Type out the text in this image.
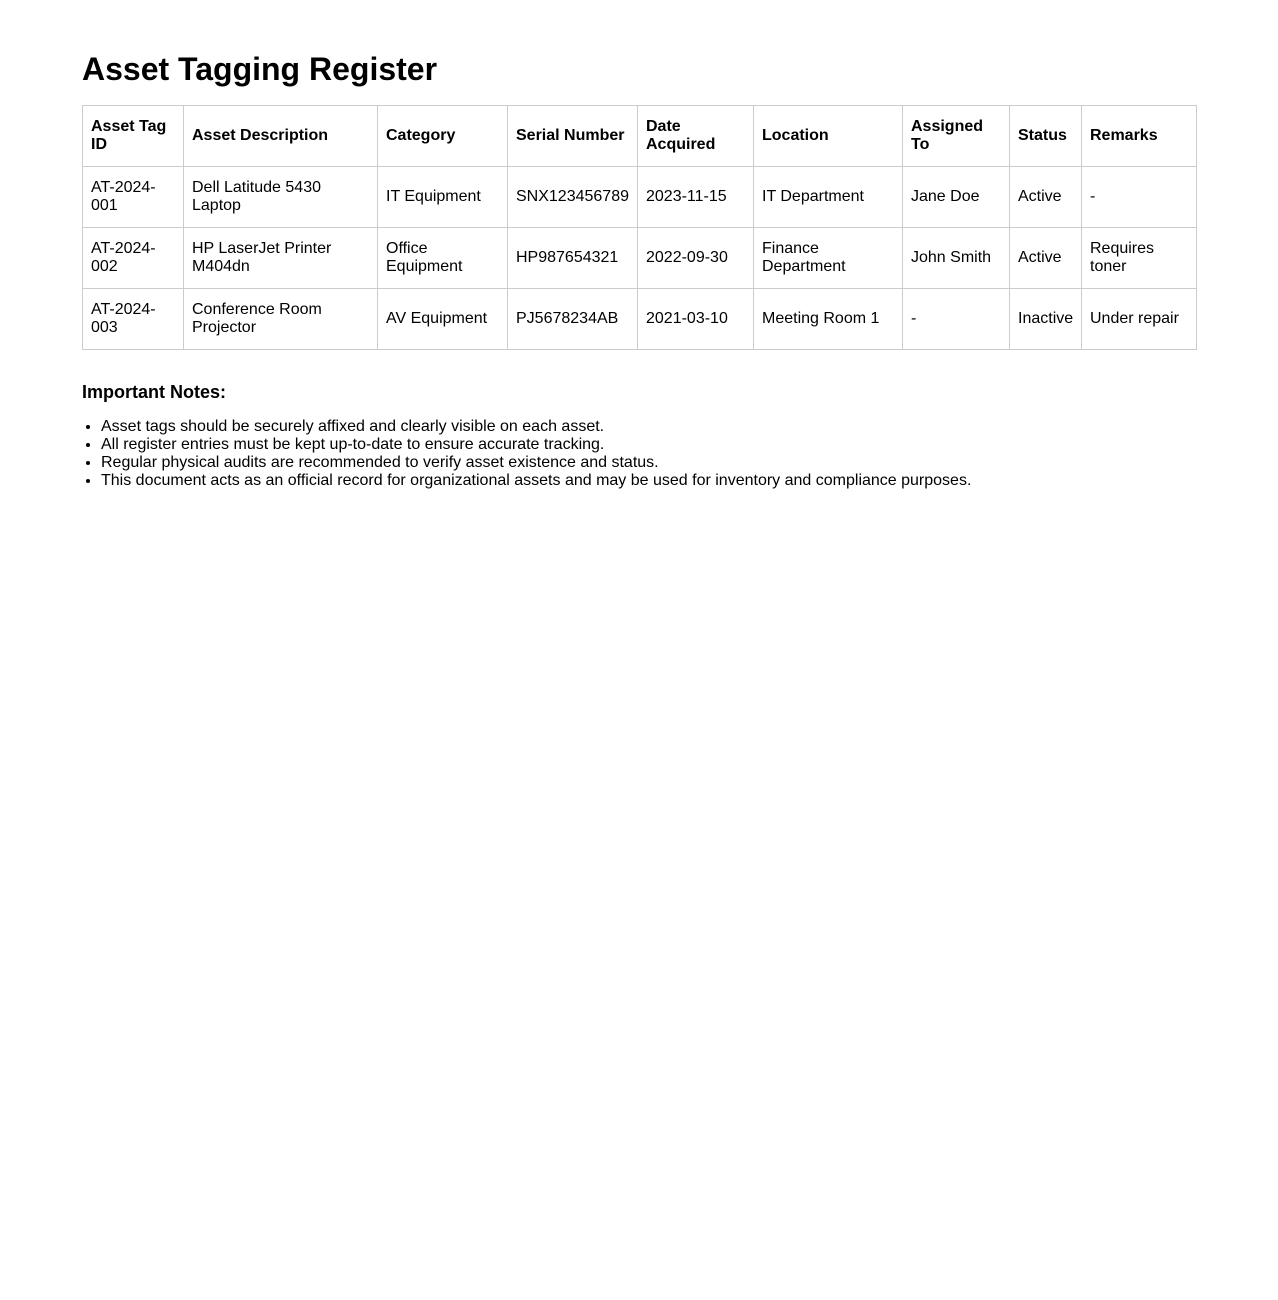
Asset Tagging Register
Asset Tag ID	Asset Description	Category	Serial Number	Date Acquired	Location	Assigned To	Status	Remarks
AT-2024-001	Dell Latitude 5430 Laptop	IT Equipment	SNX123456789	2023-11-15	IT Department	Jane Doe	Active	-
AT-2024-002	HP LaserJet Printer M404dn	Office Equipment	HP987654321	2022-09-30	Finance Department	John Smith	Active	Requires toner
AT-2024-003	Conference Room Projector	AV Equipment	PJ5678234AB	2021-03-10	Meeting Room 1	-	Inactive	Under repair
Important Notes:
• Asset tags should be securely affixed and clearly visible on each asset.
• All register entries must be kept up-to-date to ensure accurate tracking.
• Regular physical audits are recommended to verify asset existence and status.
• This document acts as an official record for organizational assets and may be used for inventory and compliance purposes.
